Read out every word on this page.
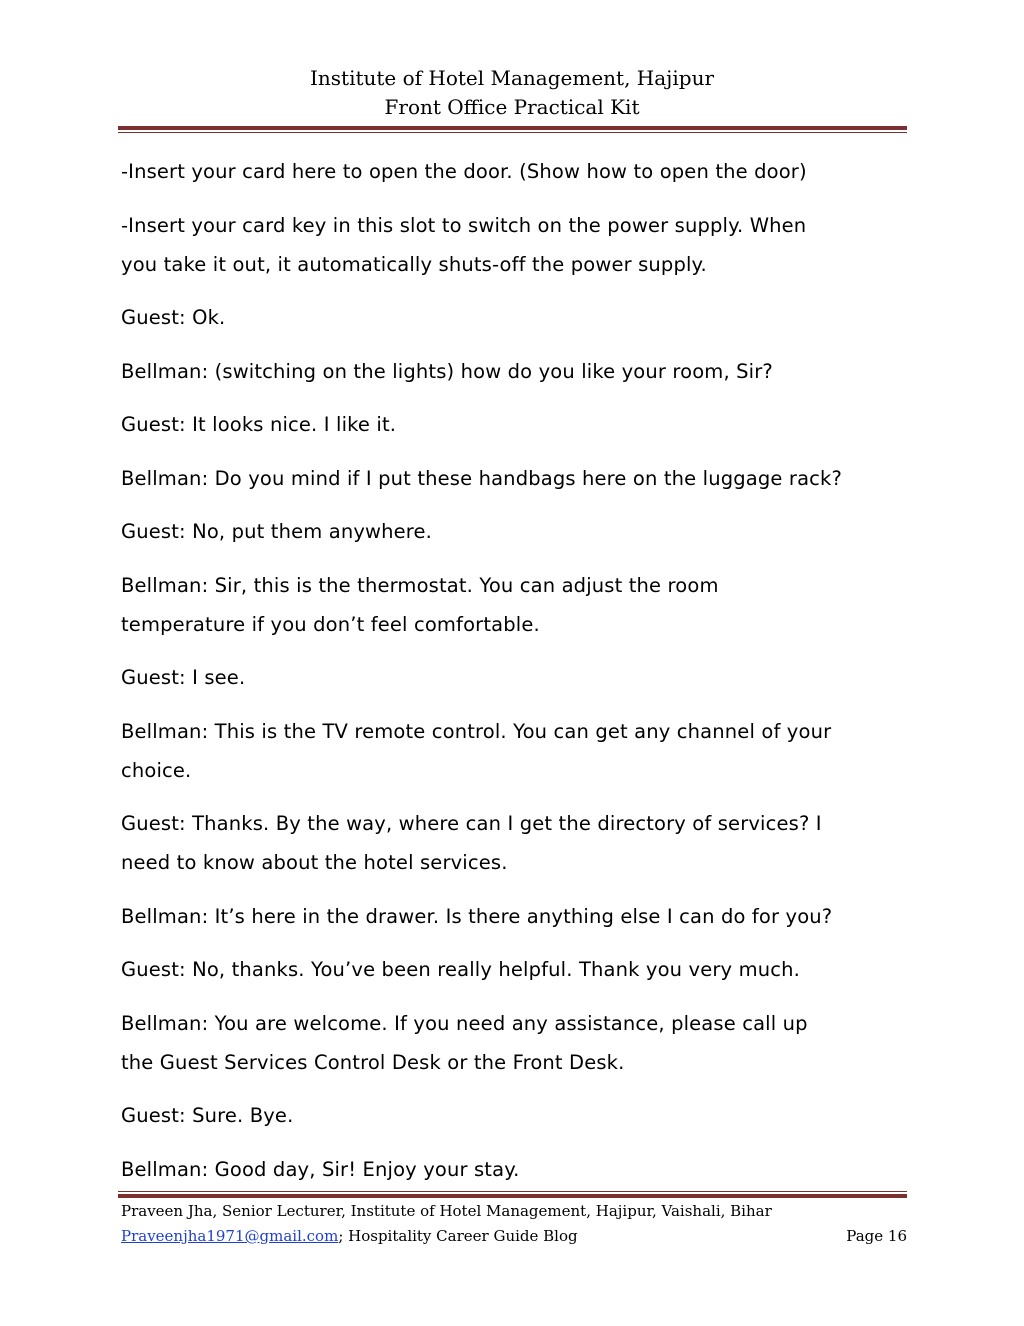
Institute of Hotel Management, Hajipur
Front Office Practical Kit
-Insert your card here to open the door. (Show how to open the door)
-Insert your card key in this slot to switch on the power supply. When
you take it out, it automatically shuts-off the power supply.
Guest: Ok.
Bellman: (switching on the lights) how do you like your room, Sir?
Guest: It looks nice. I like it.
Bellman: Do you mind if I put these handbags here on the luggage rack?
Guest: No, put them anywhere.
Bellman: Sir, this is the thermostat. You can adjust the room
temperature if you don’t feel comfortable.
Guest: I see.
Bellman: This is the TV remote control. You can get any channel of your
choice.
Guest: Thanks. By the way, where can I get the directory of services? I
need to know about the hotel services.
Bellman: It’s here in the drawer. Is there anything else I can do for you?
Guest: No, thanks. You’ve been really helpful. Thank you very much.
Bellman: You are welcome. If you need any assistance, please call up
the Guest Services Control Desk or the Front Desk.
Guest: Sure. Bye.
Bellman: Good day, Sir! Enjoy your stay.
Praveen Jha, Senior Lecturer, Institute of Hotel Management, Hajipur, Vaishali, Bihar
Praveenjha1971@gmail.com; Hospitality Career Guide Blog	Page 16
